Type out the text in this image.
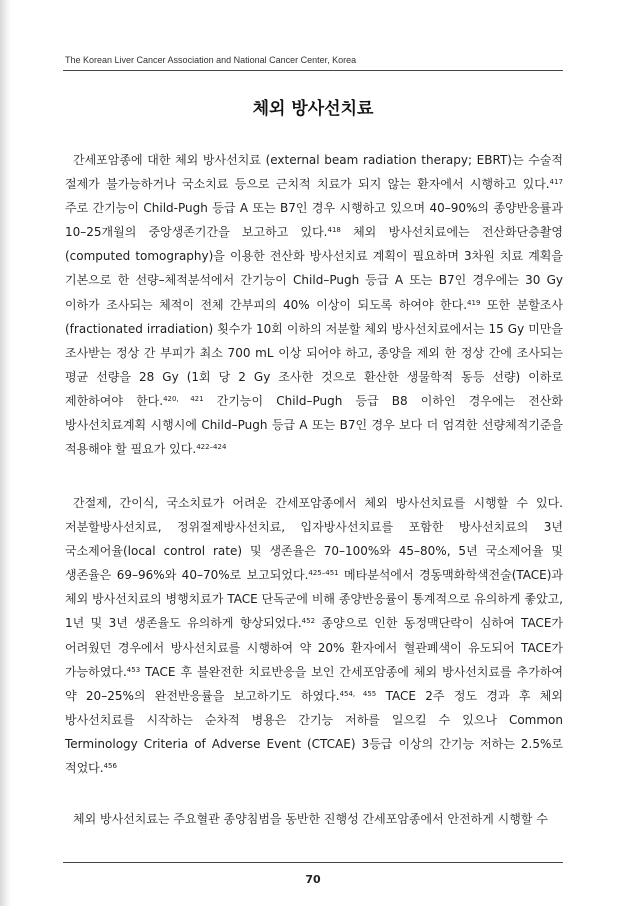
The Korean Liver Cancer Association and National Cancer Center, Korea
체외 방사선치료

간세포암종에 대한 체외 방사선치료 (external beam radiation therapy; EBRT)는 수술적 절제가 불가능하거나 국소치료 등으로 근치적 치료가 되지 않는 환자에서 시행하고 있다.$^{417}$ 주로 간기능이 Child-Pugh 등급 A 또는 B7인 경우 시행하고 있으며 40–90%의 종양반응률과 10–25개월의 중앙생존기간을 보고하고 있다.$^{418}$ 체외 방사선치료에는 전산화단층촬영(computed tomography)을 이용한 전산화 방사선치료 계획이 필요하며 3차원 치료 계획을 기본으로 한 선량–체적분석에서 간기능이 Child–Pugh 등급 A 또는 B7인 경우에는 30 Gy 이하가 조사되는 체적이 전체 간부피의 40% 이상이 되도록 하여야 한다.$^{419}$ 또한 분할조사(fractionated irradiation) 횟수가 10회 이하의 저분할 체외 방사선치료에서는 15 Gy 미만을 조사받는 정상 간 부피가 최소 700 mL 이상 되어야 하고, 종양을 제외 한 정상 간에 조사되는 평균 선량을 28 Gy (1회 당 2 Gy 조사한 것으로 환산한 생물학적 동등 선량) 이하로 제한하여야 한다.$^{420, 421}$ 간기능이 Child–Pugh 등급 B8 이하인 경우에는 전산화 방사선치료계획 시행시에 Child–Pugh 등급 A 또는 B7인 경우 보다 더 엄격한 선량체적기준을 적용해야 할 필요가 있다.$^{422-424}$

간절제, 간이식, 국소치료가 어려운 간세포암종에서 체외 방사선치료를 시행할 수 있다. 저분할방사선치료, 정위절제방사선치료, 입자방사선치료를 포함한 방사선치료의 3년 국소제어율(local control rate) 및 생존율은 70–100%와 45–80%, 5년 국소제어율 및 생존율은 69–96%와 40–70%로 보고되었다.$^{425-451}$ 메타분석에서 경동맥화학색전술(TACE)과 체외 방사선치료의 병행치료가 TACE 단독군에 비해 종양반응률이 통계적으로 유의하게 좋았고, 1년 및 3년 생존율도 유의하게 향상되었다.$^{452}$ 종양으로 인한 동정맥단락이 심하여 TACE가 어려웠던 경우에서 방사선치료를 시행하여 약 20% 환자에서 혈관폐색이 유도되어 TACE가 가능하였다.$^{453}$ TACE 후 불완전한 치료반응을 보인 간세포암종에 체외 방사선치료를 추가하여 약 20–25%의 완전반응률을 보고하기도 하였다.$^{454, 455}$ TACE 2주 정도 경과 후 체외 방사선치료를 시작하는 순차적 병용은 간기능 저하를 일으킬 수 있으나 Common Terminology Criteria of Adverse Event (CTCAE) 3등급 이상의 간기능 저하는 2.5%로 적었다.$^{456}$

체외 방사선치료는 주요혈관 종양침범을 동반한 진행성 간세포암종에서 안전하게 시행할 수

70
